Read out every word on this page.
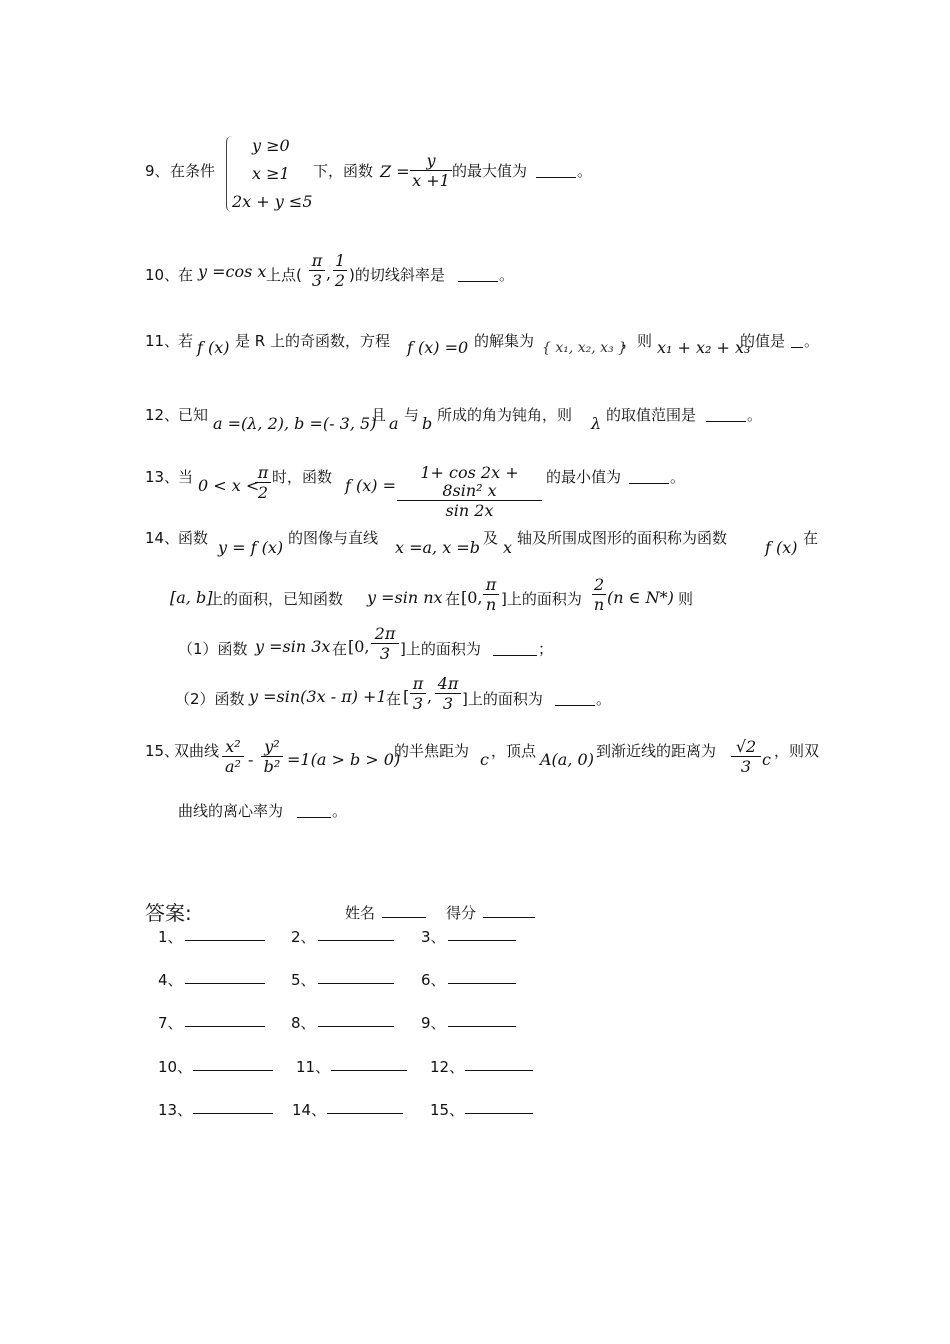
9、 在条件
y ≥0
x ≥1
2x + y ≤5
下，函数 $Z = \frac{y}{x +1}$ 的最大值为	。
10、
在 y =cos x 上点( $\frac{\pi}{3}$ , $\frac{1}{2}$ )的切线斜率是	。
11、
若 f (x) 是 R 上的奇函数，方程 f (x) =0 的解集为 { x₁, x₂, x₃ }
，则 x₁ + x₂ + x₃
的值是 。
12、
已知 a =(λ, 2), b =(- 3, 5)
且 a 与 b 所成的角为钝角，则 λ 的取值范围是	。
13、
当 0 < x <
$\frac{\pi}{2}$ 时，函数 f $(x) = \frac{\text{1+ cos 2x + 8sin² x}}{\sin 2x}$ 的最小值为	。
14、
函数 y = f (x) 的图像与直线 x =a, x =b 及 x 轴及所围成图形的面积称为函数 f (x) 在
[a, b]
上的面积，已知函数 y =sin nx 在 [0, $\frac{\pi}{n}$ ]上的面积为 $\frac{2}{n} (n$ ∈ N*) 则
（1）函数 y =sin 3x 在 [0, $\frac{2\pi}{3}$ ]上的面积为	；
（2）函数 y =sin(3x - π) +1 在 [ $\frac{\pi}{3}$ , $\frac{4\pi}{3}$ ]上的面积为	。
15、
双曲线 $\frac{\text{x²}}{\text{a²}} - \frac{\text{y²}}{\text{b²}} =1(a > b > 0)$
的半焦距为 c ，顶点 A(a, 0) 到渐近线的距离为 $\frac{√2}{3}$ c ，则双
曲线的离心率为	。
答案:	姓名	得分
1、	2、	3、
4、	5、	6、
7、	8、	9、
10、	11、	12、
13、	14、	15、
